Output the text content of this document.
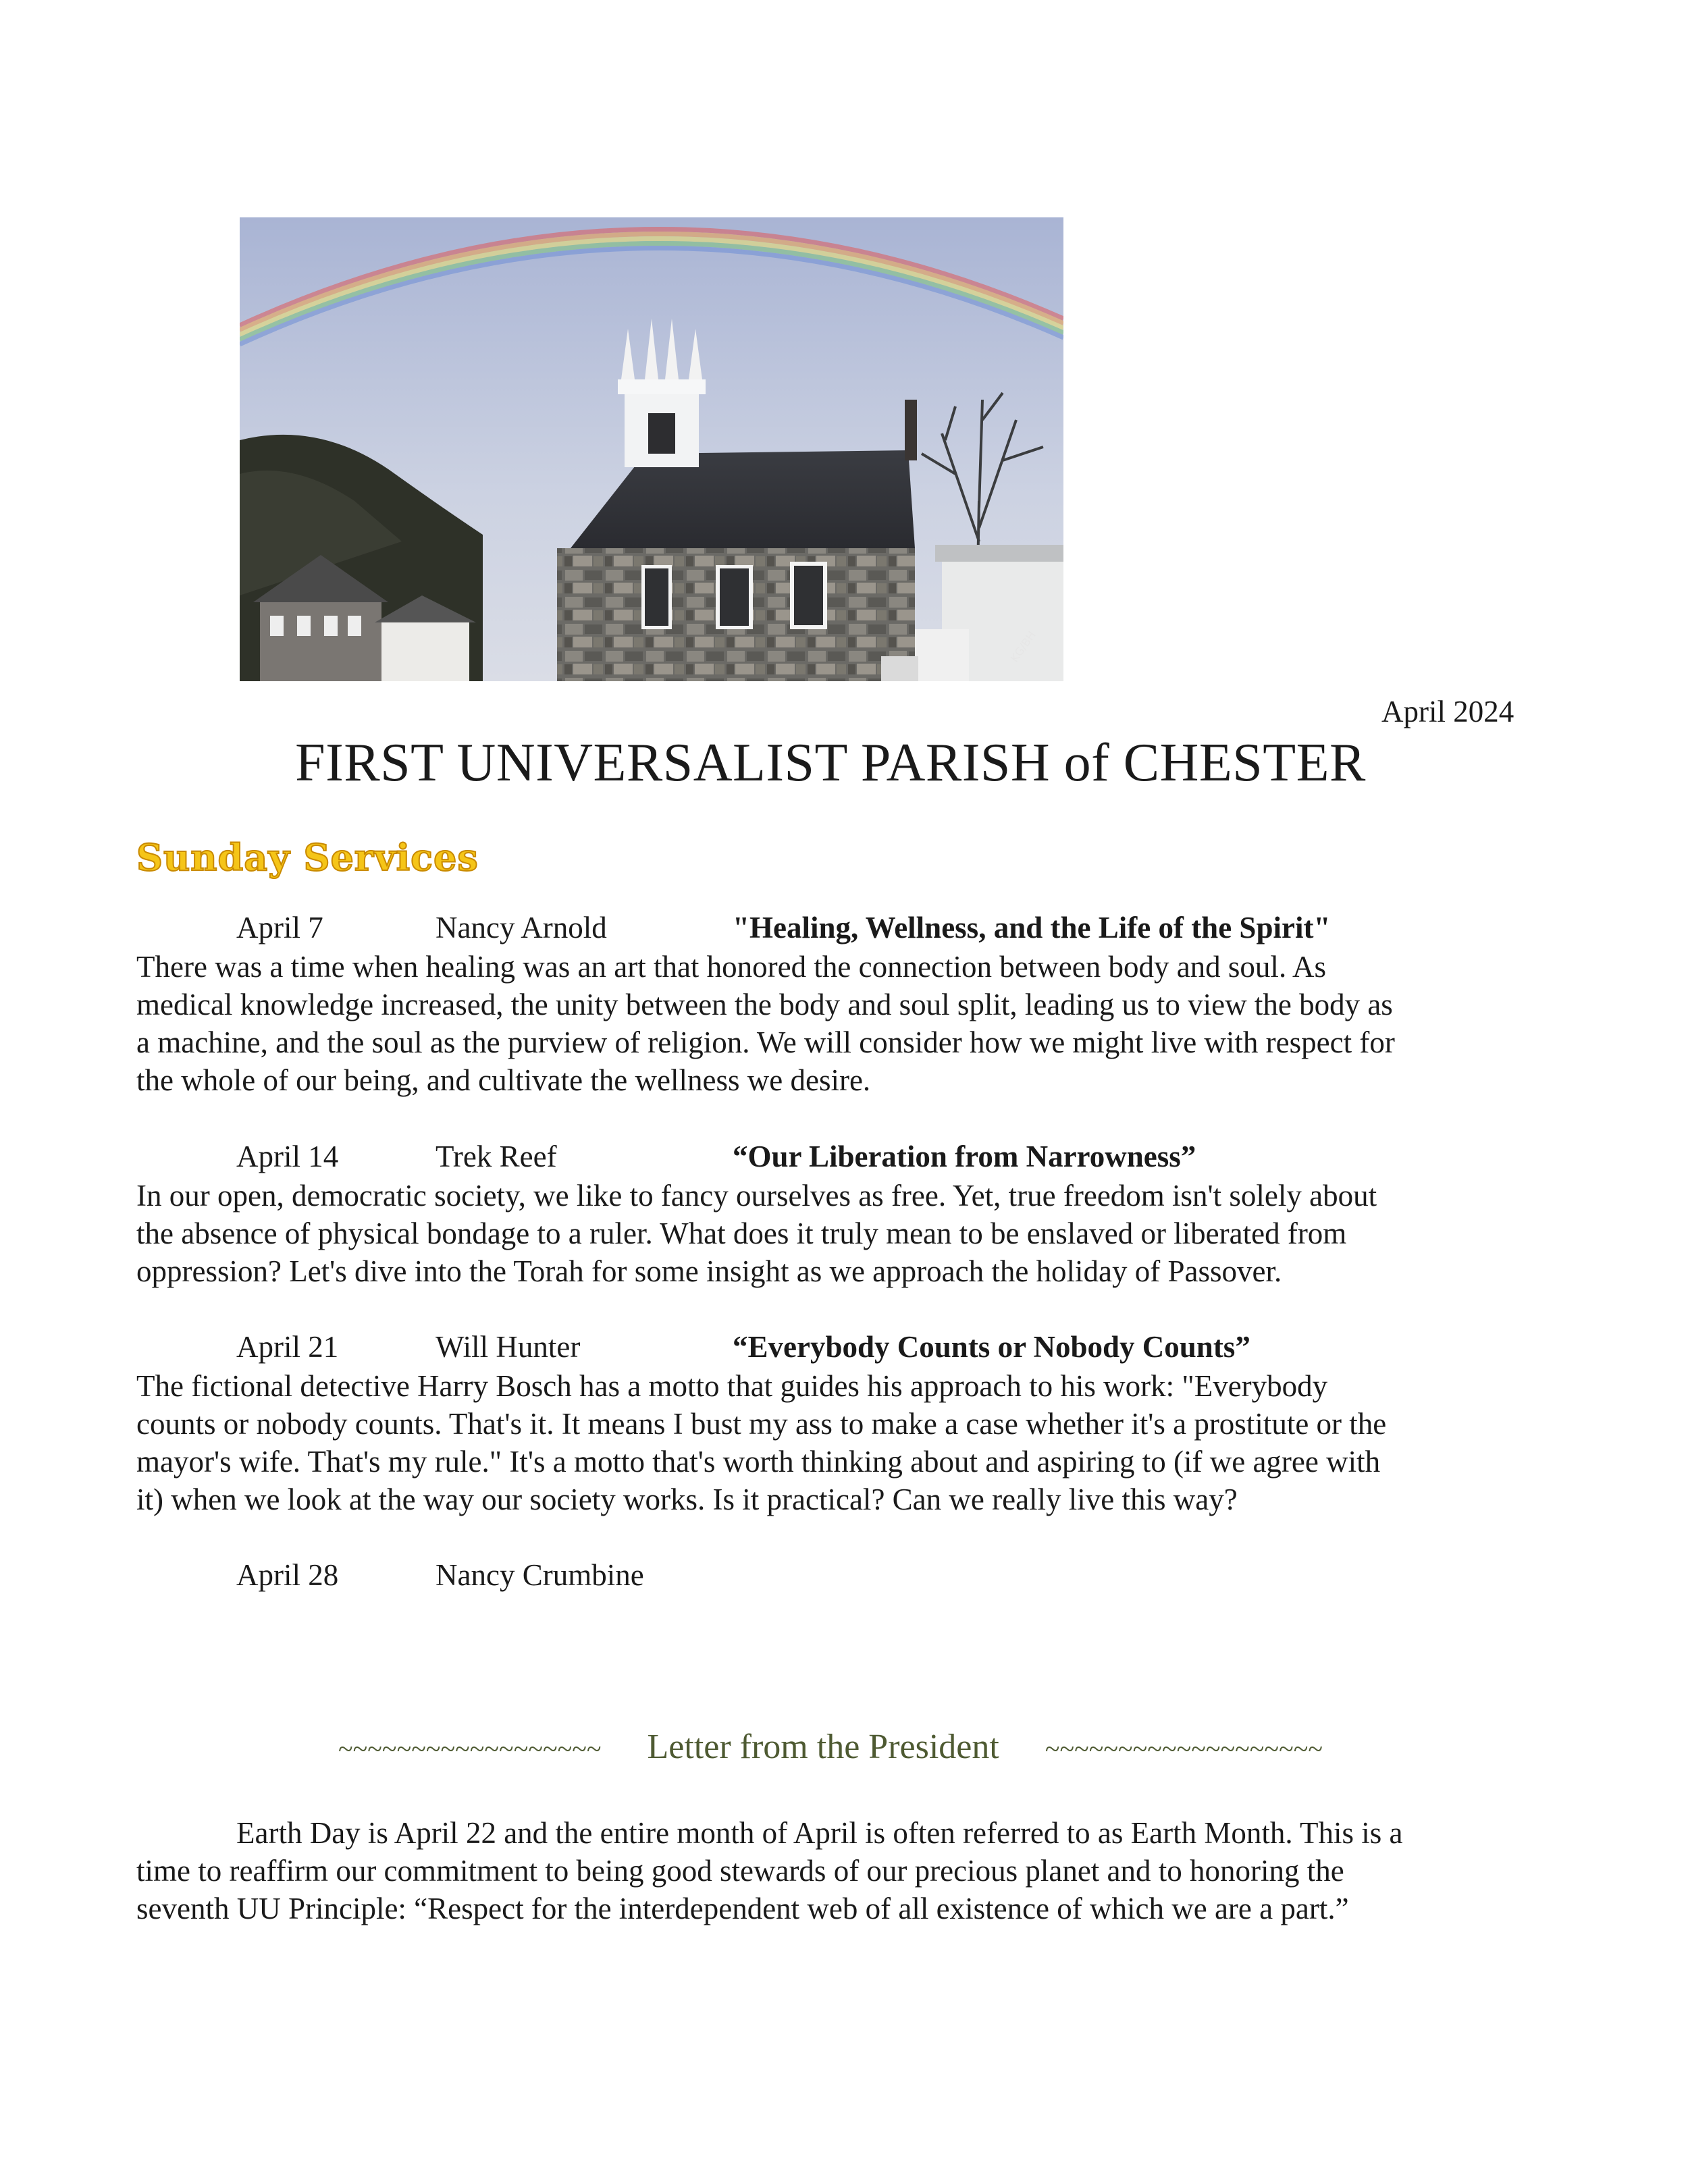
KG/BH
April 2024
FIRST UNIVERSALIST PARISH of CHESTER
Sunday Services
April 7	Nancy Arnold	"Healing, Wellness, and the Life of the Spirit"
There was a time when healing was an art that honored the connection between body and soul. As
medical knowledge increased, the unity between the body and soul split, leading us to view the body as
a machine, and the soul as the purview of religion. We will consider how we might live with respect for
the whole of our being, and cultivate the wellness we desire.
April 14	Trek Reef	“Our Liberation from Narrowness”
In our open, democratic society, we like to fancy ourselves as free. Yet, true freedom isn't solely about
the absence of physical bondage to a ruler. What does it truly mean to be enslaved or liberated from
oppression? Let's dive into the Torah for some insight as we approach the holiday of Passover.
April 21	Will Hunter	“Everybody Counts or Nobody Counts”
The fictional detective Harry Bosch has a motto that guides his approach to his work: "Everybody
counts or nobody counts. That's it. It means I bust my ass to make a case whether it's a prostitute or the
mayor's wife. That's my rule." It's a motto that's worth thinking about and aspiring to (if we agree with
it) when we look at the way our society works. Is it practical? Can we really live this way?
April 28	Nancy Crumbine
~~~~~~~~~~~~~~~~~~ Letter from the President ~~~~~~~~~~~~~~~~~~~
Earth Day is April 22 and the entire month of April is often referred to as Earth Month. This is a
time to reaffirm our commitment to being good stewards of our precious planet and to honoring the
seventh UU Principle: “Respect for the interdependent web of all existence of which we are a part.”
